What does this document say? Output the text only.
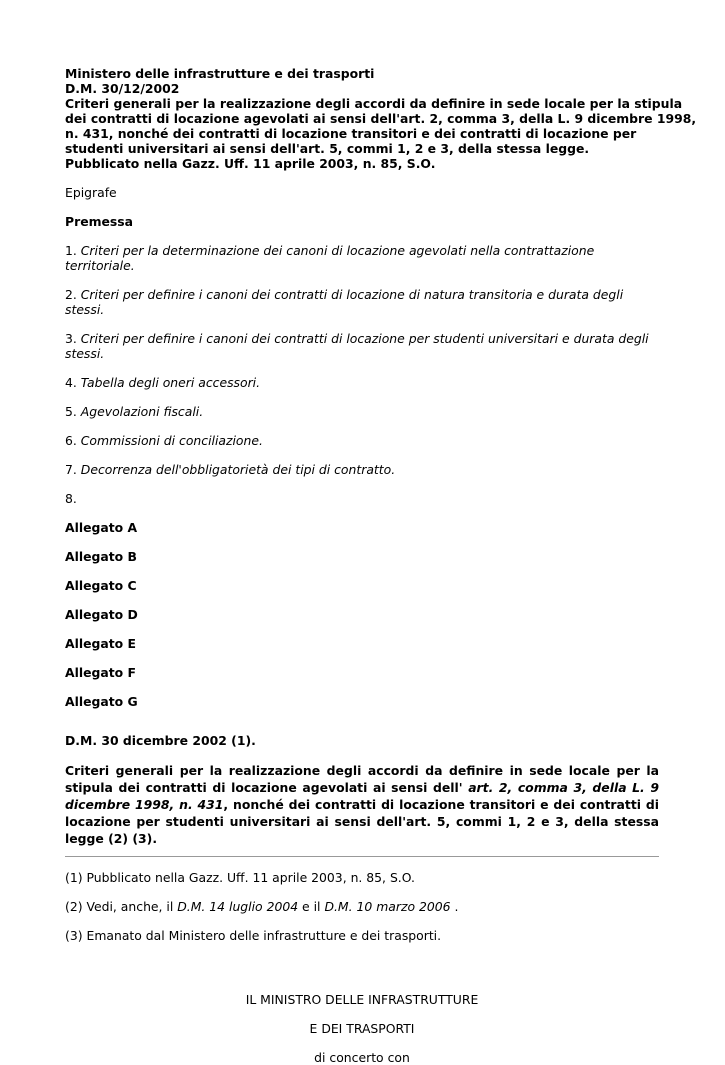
Ministero delle infrastrutture e dei trasporti
D.M. 30/12/2002
Criteri generali per la realizzazione degli accordi da definire in sede locale per la stipula
dei contratti di locazione agevolati ai sensi dell'art. 2, comma 3, della L. 9 dicembre 1998,
n. 431, nonché dei contratti di locazione transitori e dei contratti di locazione per
studenti universitari ai sensi dell'art. 5, commi 1, 2 e 3, della stessa legge.
Pubblicato nella Gazz. Uff. 11 aprile 2003, n. 85, S.O.

Epigrafe

Premessa

1. Criteri per la determinazione dei canoni di locazione agevolati nella contrattazione territoriale.

2. Criteri per definire i canoni dei contratti di locazione di natura transitoria e durata degli stessi.

3. Criteri per definire i canoni dei contratti di locazione per studenti universitari e durata degli stessi.

4. Tabella degli oneri accessori.

5. Agevolazioni fiscali.

6. Commissioni di conciliazione.

7. Decorrenza dell'obbligatorietà dei tipi di contratto.

8.

Allegato A

Allegato B

Allegato C

Allegato D

Allegato E

Allegato F

Allegato G

D.M. 30 dicembre 2002 (1).

Criteri generali per la realizzazione degli accordi da definire in sede locale per la stipula dei contratti di locazione agevolati ai sensi dell' art. 2, comma 3, della L. 9 dicembre 1998, n. 431, nonché dei contratti di locazione transitori e dei contratti di locazione per studenti universitari ai sensi dell'art. 5, commi 1, 2 e 3, della stessa legge (2) (3).

(1) Pubblicato nella Gazz. Uff. 11 aprile 2003, n. 85, S.O.

(2) Vedi, anche, il D.M. 14 luglio 2004 e il D.M. 10 marzo 2006 .

(3) Emanato dal Ministero delle infrastrutture e dei trasporti.

IL MINISTRO DELLE INFRASTRUTTURE

E DEI TRASPORTI

di concerto con
